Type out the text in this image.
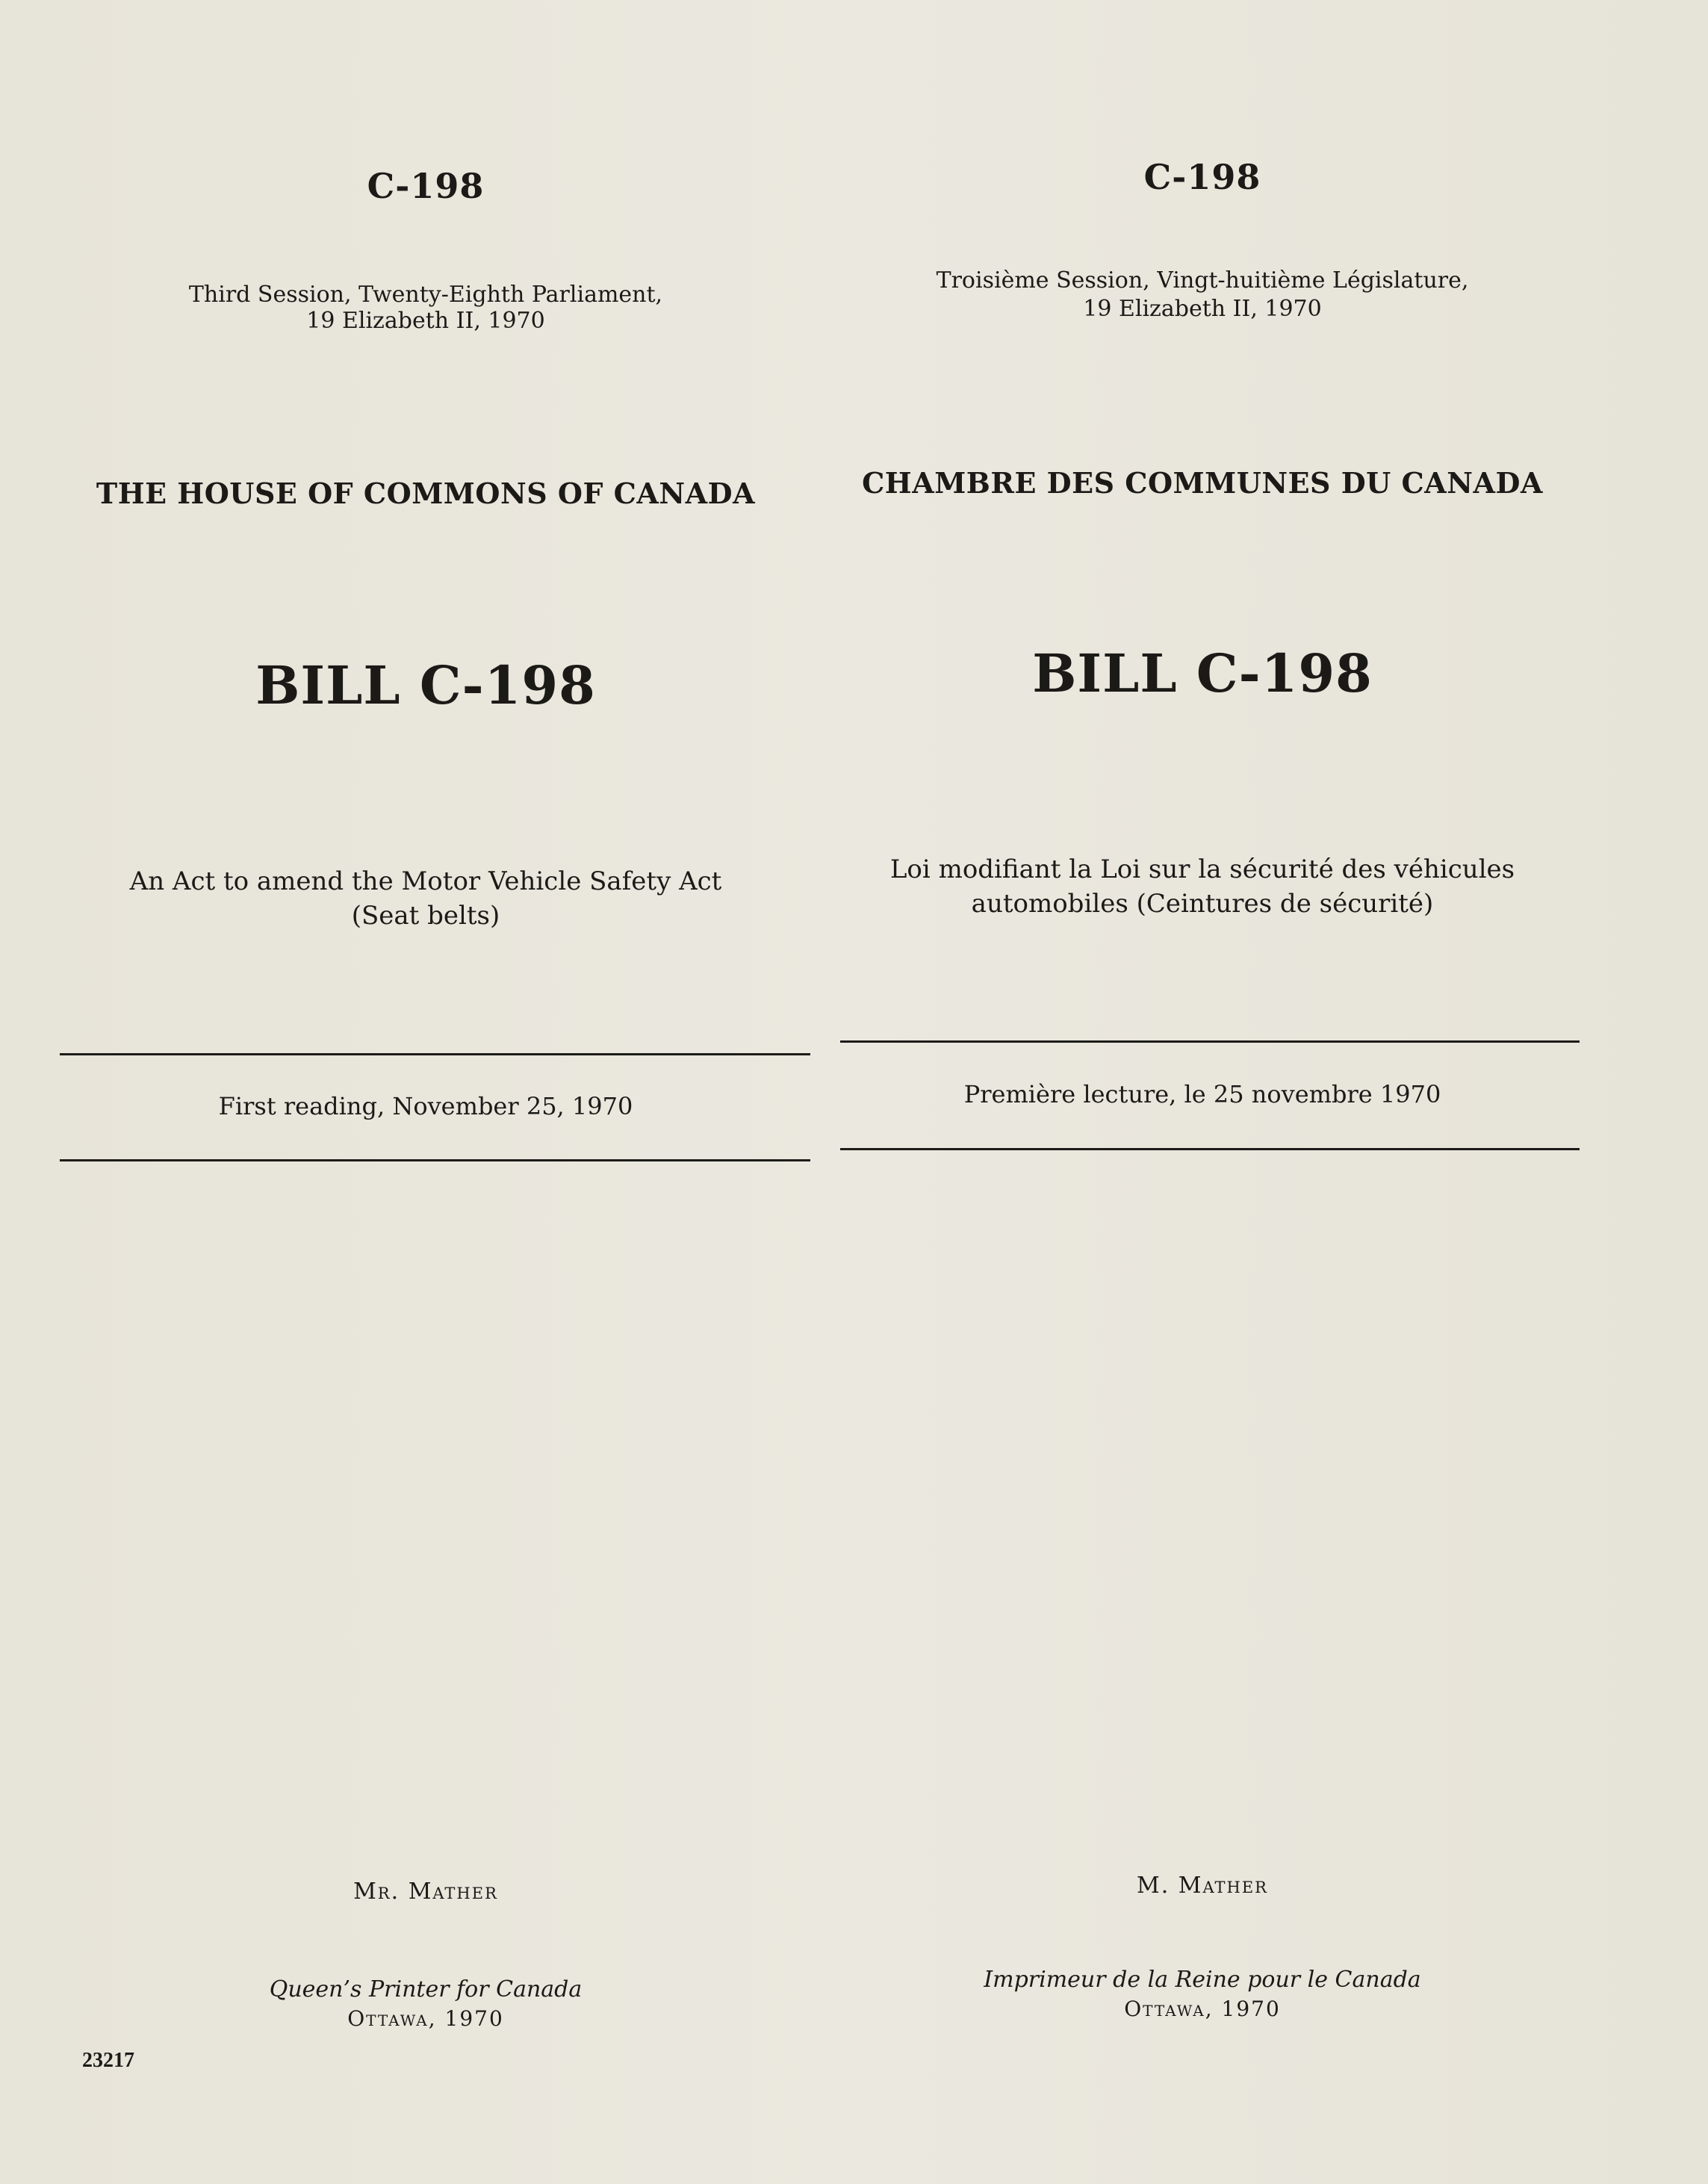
C-198
Third Session, Twenty-Eighth Parliament,
19 Elizabeth II, 1970
THE HOUSE OF COMMONS OF CANADA
BILL C-198
An Act to amend the Motor Vehicle Safety Act
(Seat belts)
First reading, November 25, 1970
Mr. Mather
Queen’s Printer for Canada
Ottawa, 1970
C-198
Troisième Session, Vingt-huitième Législature,
19 Elizabeth II, 1970
CHAMBRE DES COMMUNES DU CANADA
BILL C-198
Loi modifiant la Loi sur la sécurité des véhicules
automobiles (Ceintures de sécurité)
Première lecture, le 25 novembre 1970
M. Mather
Imprimeur de la Reine pour le Canada
Ottawa, 1970
23217
